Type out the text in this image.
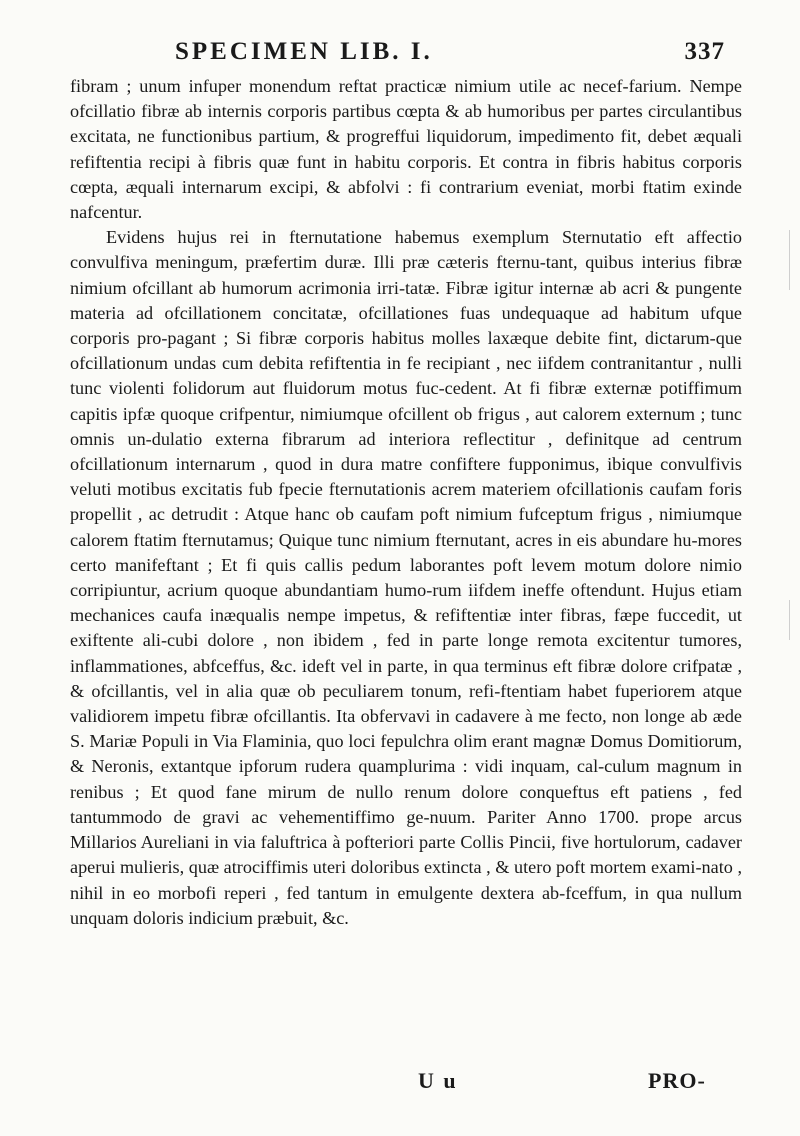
SPECIMEN LIB. I.	337

fibram ; unum infuper monendum reftat practicæ nimium utile ac necef-farium. Nempe ofcillatio fibræ ab internis corporis partibus cœpta & ab humoribus per partes circulantibus excitata, ne functionibus partium, & progreffui liquidorum, impedimento fit, debet æquali refiftentia recipi à fibris quæ funt in habitu corporis. Et contra in fibris habitus corporis cœpta, æquali internarum excipi, & abfolvi : fi contrarium eveniat, morbi ftatim exinde nafcentur.

Evidens hujus rei in fternutatione habemus exemplum Sternutatio eft affectio convulfiva meningum, præfertim duræ. Illi præ cæteris fternu-tant, quibus interius fibræ nimium ofcillant ab humorum acrimonia irri-tatæ. Fibræ igitur internæ ab acri & pungente materia ad ofcillationem concitatæ, ofcillationes fuas undequaque ad habitum ufque corporis pro-pagant ; Si fibræ corporis habitus molles laxæque debite fint, dictarum-que ofcillationum undas cum debita refiftentia in fe recipiant , nec iifdem contranitantur , nulli tunc violenti folidorum aut fluidorum motus fuc-cedent. At fi fibræ externæ potiffimum capitis ipfæ quoque crifpentur, nimiumque ofcillent ob frigus , aut calorem externum ; tunc omnis un-dulatio externa fibrarum ad interiora reflectitur , definitque ad centrum ofcillationum internarum , quod in dura matre confiftere fupponimus, ibique convulfivis veluti motibus excitatis fub fpecie fternutationis acrem materiem ofcillationis caufam foris propellit , ac detrudit : Atque hanc ob caufam poft nimium fufceptum frigus , nimiumque calorem ftatim fternutamus; Quique tunc nimium fternutant, acres in eis abundare hu-mores certo manifeftant ; Et fi quis callis pedum laborantes poft levem motum dolore nimio corripiuntur, acrium quoque abundantiam humo-rum iifdem ineffe oftendunt. Hujus etiam mechanices caufa inæqualis nempe impetus, & refiftentiæ inter fibras, fæpe fuccedit, ut exiftente ali-cubi dolore , non ibidem , fed in parte longe remota excitentur tumores, inflammationes, abfceffus, &c. ideft vel in parte, in qua terminus eft fibræ dolore crifpatæ , & ofcillantis, vel in alia quæ ob peculiarem tonum, refi-ftentiam habet fuperiorem atque validiorem impetu fibræ ofcillantis. Ita obfervavi in cadavere à me fecto, non longe ab æde S. Mariæ Populi in Via Flaminia, quo loci fepulchra olim erant magnæ Domus Domitiorum, & Neronis, extantque ipforum rudera quamplurima : vidi inquam, cal-culum magnum in renibus ; Et quod fane mirum de nullo renum dolore conqueftus eft patiens , fed tantummodo de gravi ac vehementiffimo ge-nuum. Pariter Anno 1700. prope arcus Millarios Aureliani in via faluftrica à pofteriori parte Collis Pincii, five hortulorum, cadaver aperui mulieris, quæ atrociffimis uteri doloribus extincta , & utero poft mortem exami-nato , nihil in eo morbofi reperi , fed tantum in emulgente dextera ab-fceffum, in qua nullum unquam doloris indicium præbuit, &c.

U u	PRO-
